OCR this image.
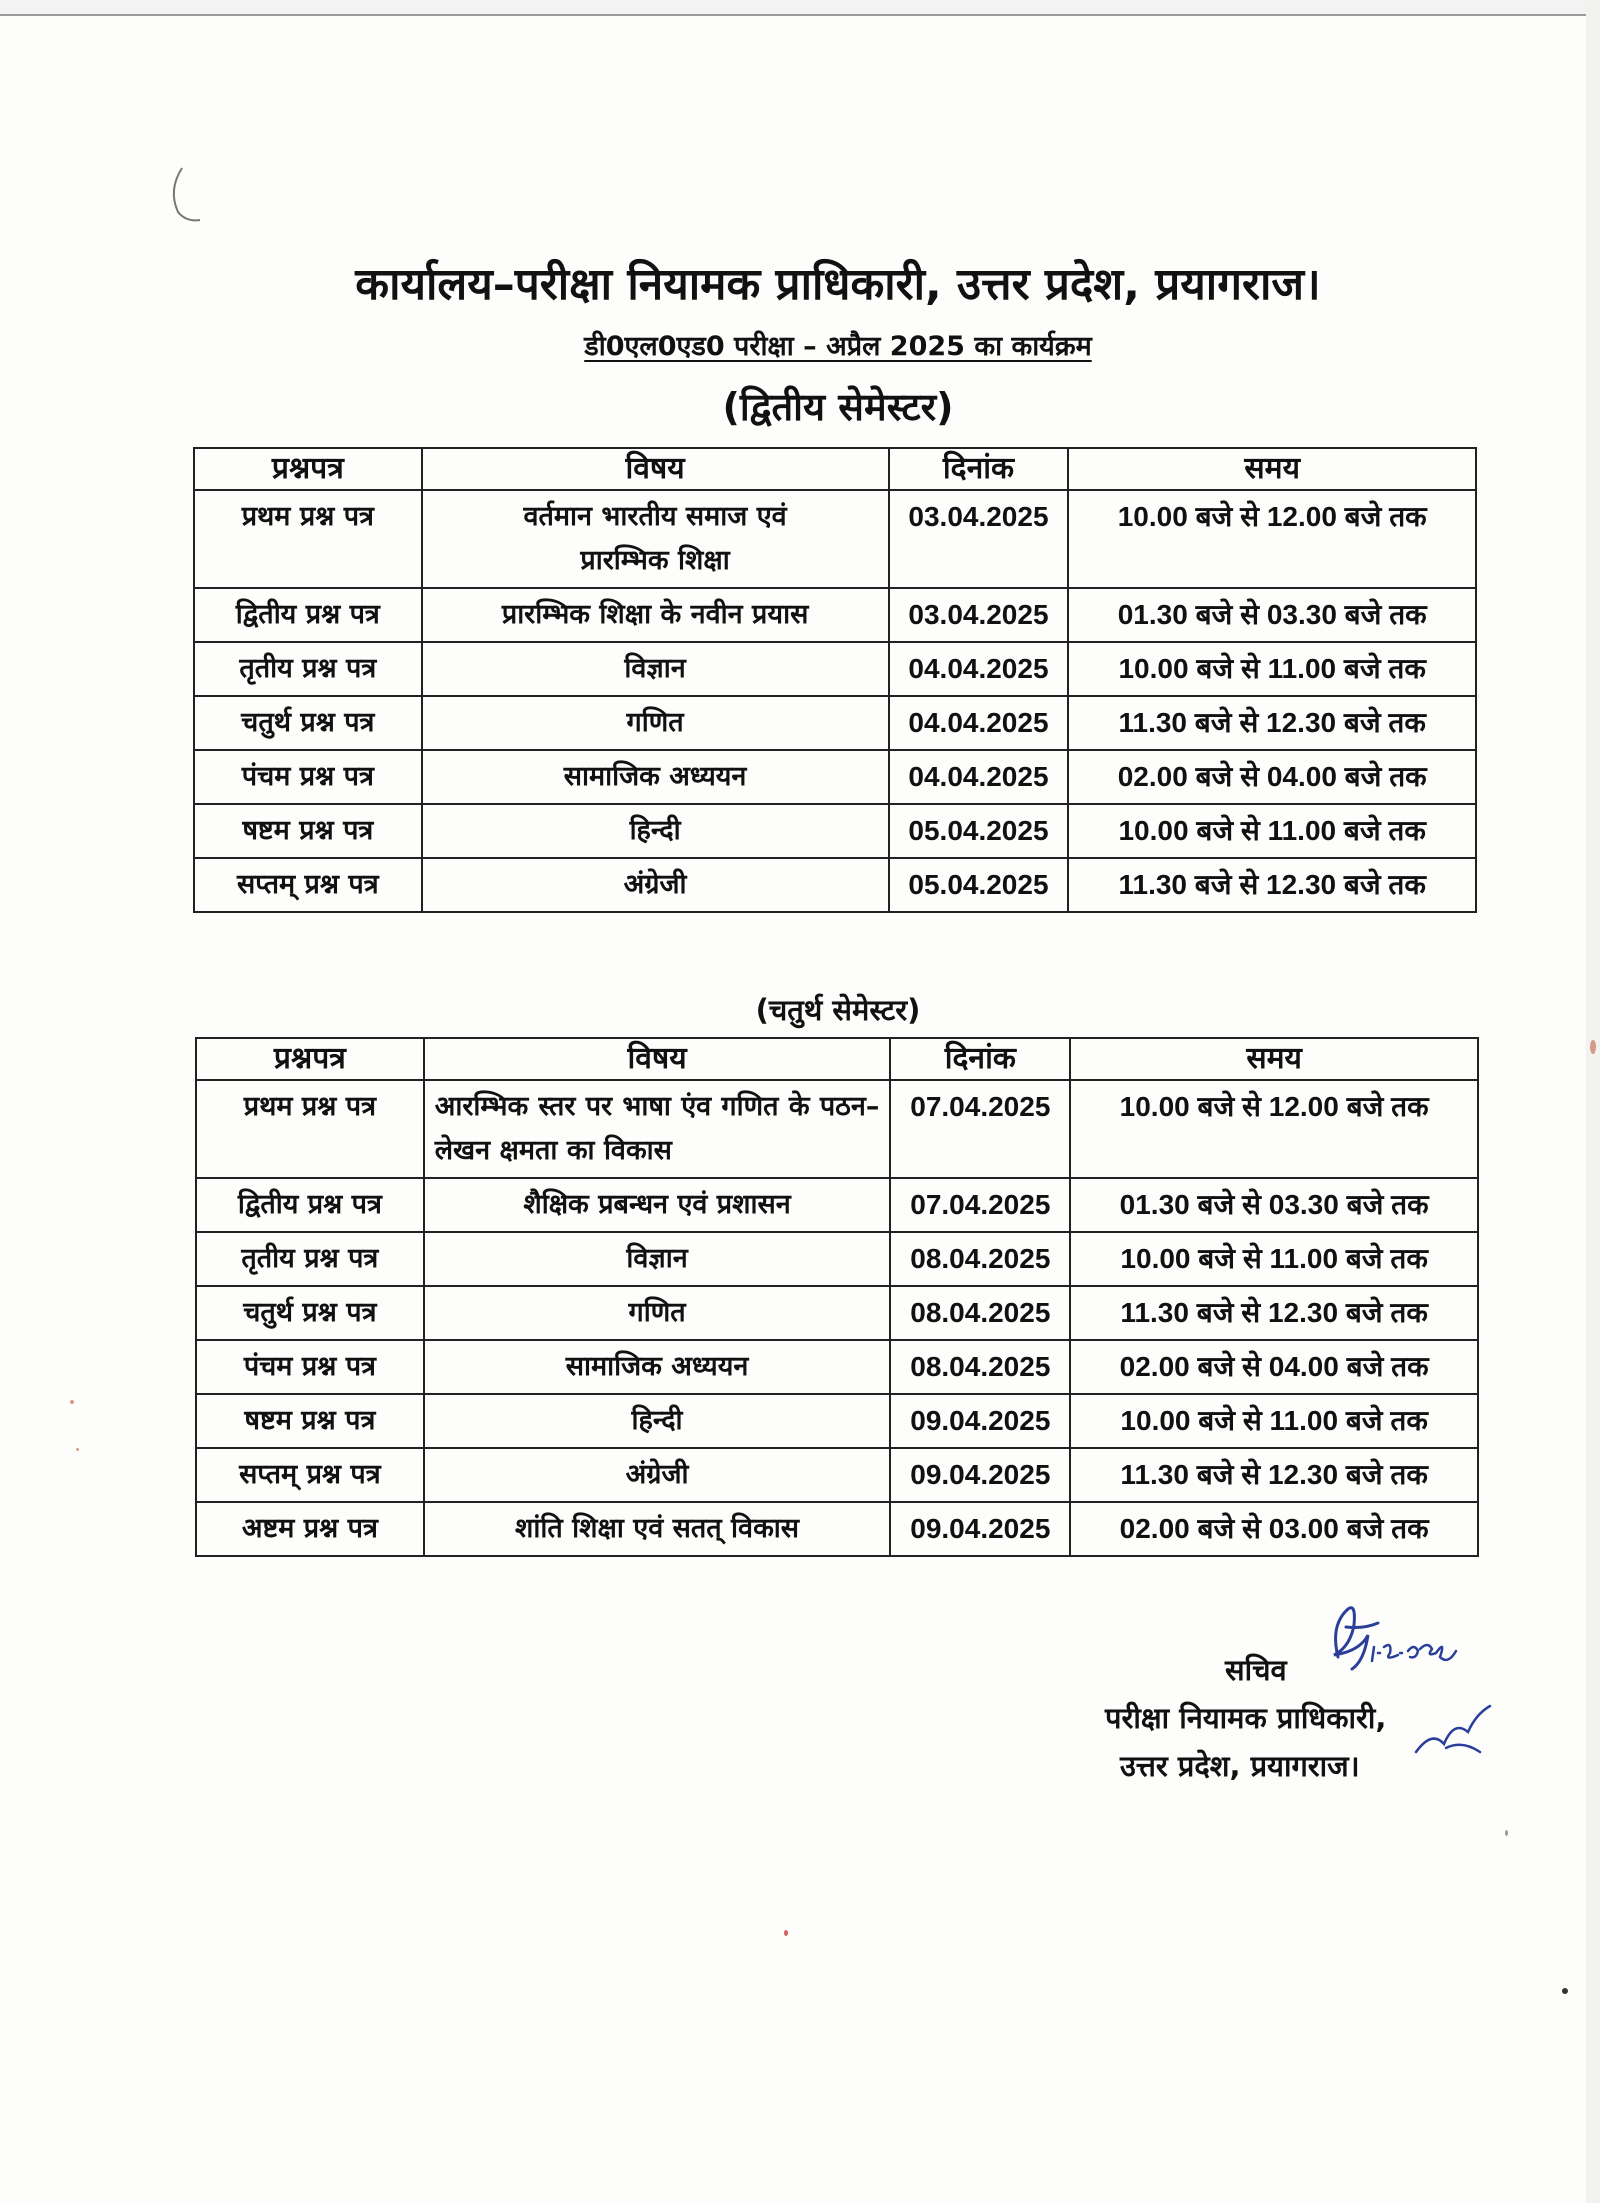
कार्यालय–परीक्षा नियामक प्राधिकारी, उत्तर प्रदेश, प्रयागराज।
डी0एल0एड0 परीक्षा – अप्रैल 2025 का कार्यक्रम
(द्वितीय सेमेस्टर)
प्रश्नपत्र	विषय	दिनांक	समय
प्रथम प्रश्न पत्र	वर्तमान भारतीय समाज एवं प्रारम्भिक शिक्षा	03.04.2025	10.00 बजे से 12.00 बजे तक
द्वितीय प्रश्न पत्र	प्रारम्भिक शिक्षा के नवीन प्रयास	03.04.2025	01.30 बजे से 03.30 बजे तक
तृतीय प्रश्न पत्र	विज्ञान	04.04.2025	10.00 बजे से 11.00 बजे तक
चतुर्थ प्रश्न पत्र	गणित	04.04.2025	11.30 बजे से 12.30 बजे तक
पंचम प्रश्न पत्र	सामाजिक अध्ययन	04.04.2025	02.00 बजे से 04.00 बजे तक
षष्टम प्रश्न पत्र	हिन्दी	05.04.2025	10.00 बजे से 11.00 बजे तक
सप्तम् प्रश्न पत्र	अंग्रेजी	05.04.2025	11.30 बजे से 12.30 बजे तक
(चतुर्थ सेमेस्टर)
प्रश्नपत्र	विषय	दिनांक	समय
प्रथम प्रश्न पत्र	आरम्भिक स्तर पर भाषा एंव गणित के पठन–लेखन क्षमता का विकास	07.04.2025	10.00 बजे से 12.00 बजे तक
द्वितीय प्रश्न पत्र	शैक्षिक प्रबन्धन एवं प्रशासन	07.04.2025	01.30 बजे से 03.30 बजे तक
तृतीय प्रश्न पत्र	विज्ञान	08.04.2025	10.00 बजे से 11.00 बजे तक
चतुर्थ प्रश्न पत्र	गणित	08.04.2025	11.30 बजे से 12.30 बजे तक
पंचम प्रश्न पत्र	सामाजिक अध्ययन	08.04.2025	02.00 बजे से 04.00 बजे तक
षष्टम प्रश्न पत्र	हिन्दी	09.04.2025	10.00 बजे से 11.00 बजे तक
सप्तम् प्रश्न पत्र	अंग्रेजी	09.04.2025	11.30 बजे से 12.30 बजे तक
अष्टम प्रश्न पत्र	शांति शिक्षा एवं सतत् विकास	09.04.2025	02.00 बजे से 03.00 बजे तक
सचिव
परीक्षा नियामक प्राधिकारी,
उत्तर प्रदेश, प्रयागराज।
